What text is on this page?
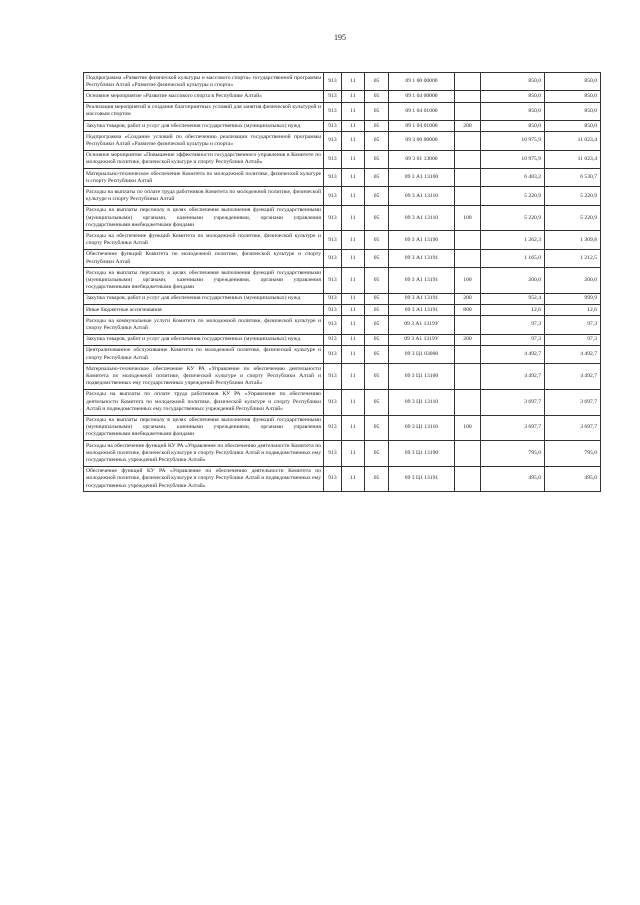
195
Подпрограмма «Развитие физической культуры и массового спорта» государственной программы Республики Алтай «Развитие физической культуры и спорта»	913	11	05	09 1 00 00000		850,0	850,0
Основное мероприятие «Развитие массового спорта в Республике Алтай»	913	11	05	09 1 04 00000		850,0	850,0
Реализация мероприятий и создание благоприятных условий для занятия физической культурой и массовым спортом	913	11	05	09 1 04 01000		850,0	850,0
Закупка товаров, работ и услуг для обеспечения государственных (муниципальных) нужд	913	11	05	09 1 04 01000	200	850,0	850,0
Подпрограмма «Создание условий по обеспечению реализации государственной программы Республики Алтай «Развитие физической культуры и спорта»	913	11	05	09 3 00 00000		10 975,9	11 023,4
Основное мероприятие «Повышение эффективности государственного управления в Комитете по молодежной политике, физической культуре и спорту Республики Алтай»	913	11	05	09 3 01 13000		10 975,9	11 023,4
Материально-техническое обеспечение Комитета по молодежной политике, физической культуре и спорту Республики Алтай	913	11	05	09 3 А1 13100		6 483,2	6 530,7
Расходы на выплаты по оплате труда работников Комитета по молодежной политике, физической культуре и спорту Республики Алтай	913	11	05	09 3 А1 13110		5 220,9	5 220,9
Расходы на выплаты персоналу в целях обеспечения выполнения функций государственными (муниципальными) органами, казенными учреждениями, органами управления государственными внебюджетными фондами	913	11	05	09 3 А1 13110	100	5 220,9	5 220,9
Расходы на обеспечение функций Комитета по молодежной политике, физической культуре и спорту Республики Алтай	913	11	05	09 3 А1 13190		1 262,3	1 309,8
Обеспечение функций Комитета по молодежной политике, физической культуре и спорту Республики Алтай	913	11	05	09 3 А1 13191		1 165,0	1 212,5
Расходы на выплаты персоналу в целях обеспечения выполнения функций государственными (муниципальными) органами, казенными учреждениями, органами управления государственными внебюджетными фондами	913	11	05	09 3 А1 13191	100	200,0	200,0
Закупка товаров, работ и услуг для обеспечения государственных (муниципальных) нужд	913	11	05	09 3 А1 13191	200	952,4	999,9
Иные бюджетные ассигнования	913	11	05	09 3 А1 13191	800	12,6	12,6
Расходы на коммунальные услуги Комитета по молодежной политике, физической культуре и спорту Республики Алтай	913	11	05	09 3 А1 1319У		97,3	97,3
Закупка товаров, работ и услуг для обеспечения государственных (муниципальных) нужд	913	11	05	09 3 А1 1319У	200	97,3	97,3
Централизованное обслуживание Комитета по молодежной политике, физической культуре и спорту Республики Алтай	913	11	05	09 3 Ц1 03000		4 492,7	4 492,7
Материально-техническое обеспечение КУ РА «Управление по обеспечению деятельности Комитета по молодежной политике, физической культуре и спорту Республики Алтай и подведомственных ему государственных учреждений Республики Алтай»	913	11	05	09 3 Ц1 13100		4 492,7	4 492,7
Расходы на выплаты по оплате труда работников КУ РА «Управление по обеспечению деятельности Комитета по молодежной политике, физической культуре и спорту Республики Алтай и подведомственных ему государственных учреждений Республики Алтай»	913	11	05	09 3 Ц1 13110		3 697,7	3 697,7
Расходы на выплаты персоналу в целях обеспечения выполнения функций государственными (муниципальными) органами, казенными учреждениями, органами управления государственными внебюджетными фондами	913	11	05	09 3 Ц1 13110	100	3 697,7	3 697,7
Расходы на обеспечение функций КУ РА «Управление по обеспечению деятельности Комитета по молодежной политике, физической культуре и спорту Республики Алтай и подведомственных ему государственных учреждений Республики Алтай»	913	11	05	09 3 Ц1 13190		795,0	795,0
Обеспечение функций КУ РА «Управление по обеспечению деятельности Комитета по молодежной политике, физической культуре и спорту Республики Алтай и подведомственных ему государственных учреждений Республики Алтай»	913	11	05	09 3 Ц1 13191		495,0	495,0
